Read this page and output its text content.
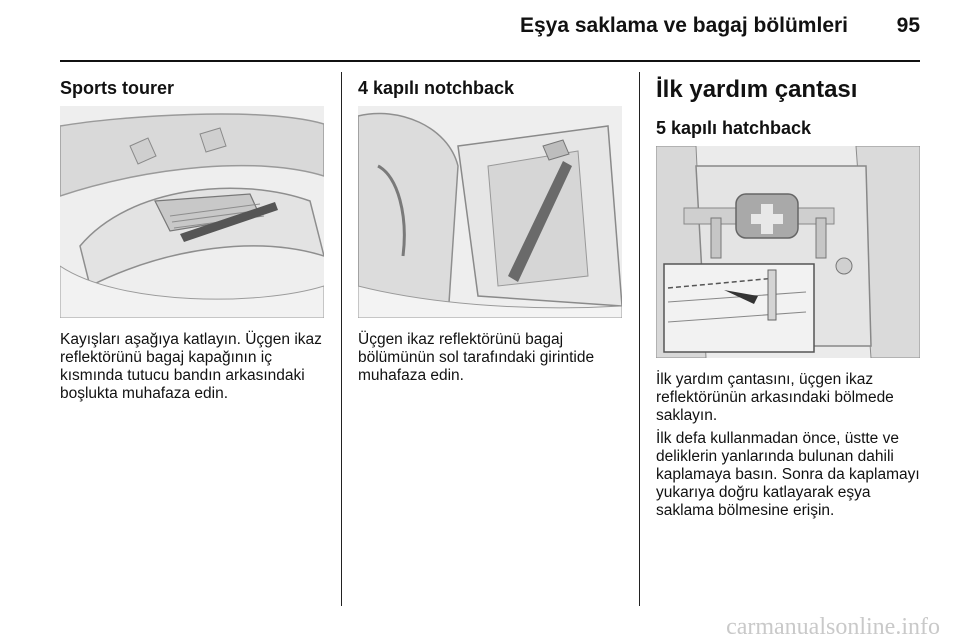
Eşya saklama ve bagaj bölümleri	95
Sports tourer

Kayışları aşağıya katlayın. Üçgen ikaz reflektörünü bagaj kapağının iç kısmında tutucu bandın arkasındaki boşlukta muhafaza edin.

4 kapılı notchback

Üçgen ikaz reflektörünü bagaj bölümünün sol tarafındaki girintide muhafaza edin.

İlk yardım çantası
5 kapılı hatchback

İlk yardım çantasını, üçgen ikaz reflektörünün arkasındaki bölmede saklayın.

İlk defa kullanmadan önce, üstte ve deliklerin yanlarında bulunan dahili kaplamaya basın. Sonra da kaplamayı yukarıya doğru katlayarak eşya saklama bölmesine erişin.

carmanualsonline.info
